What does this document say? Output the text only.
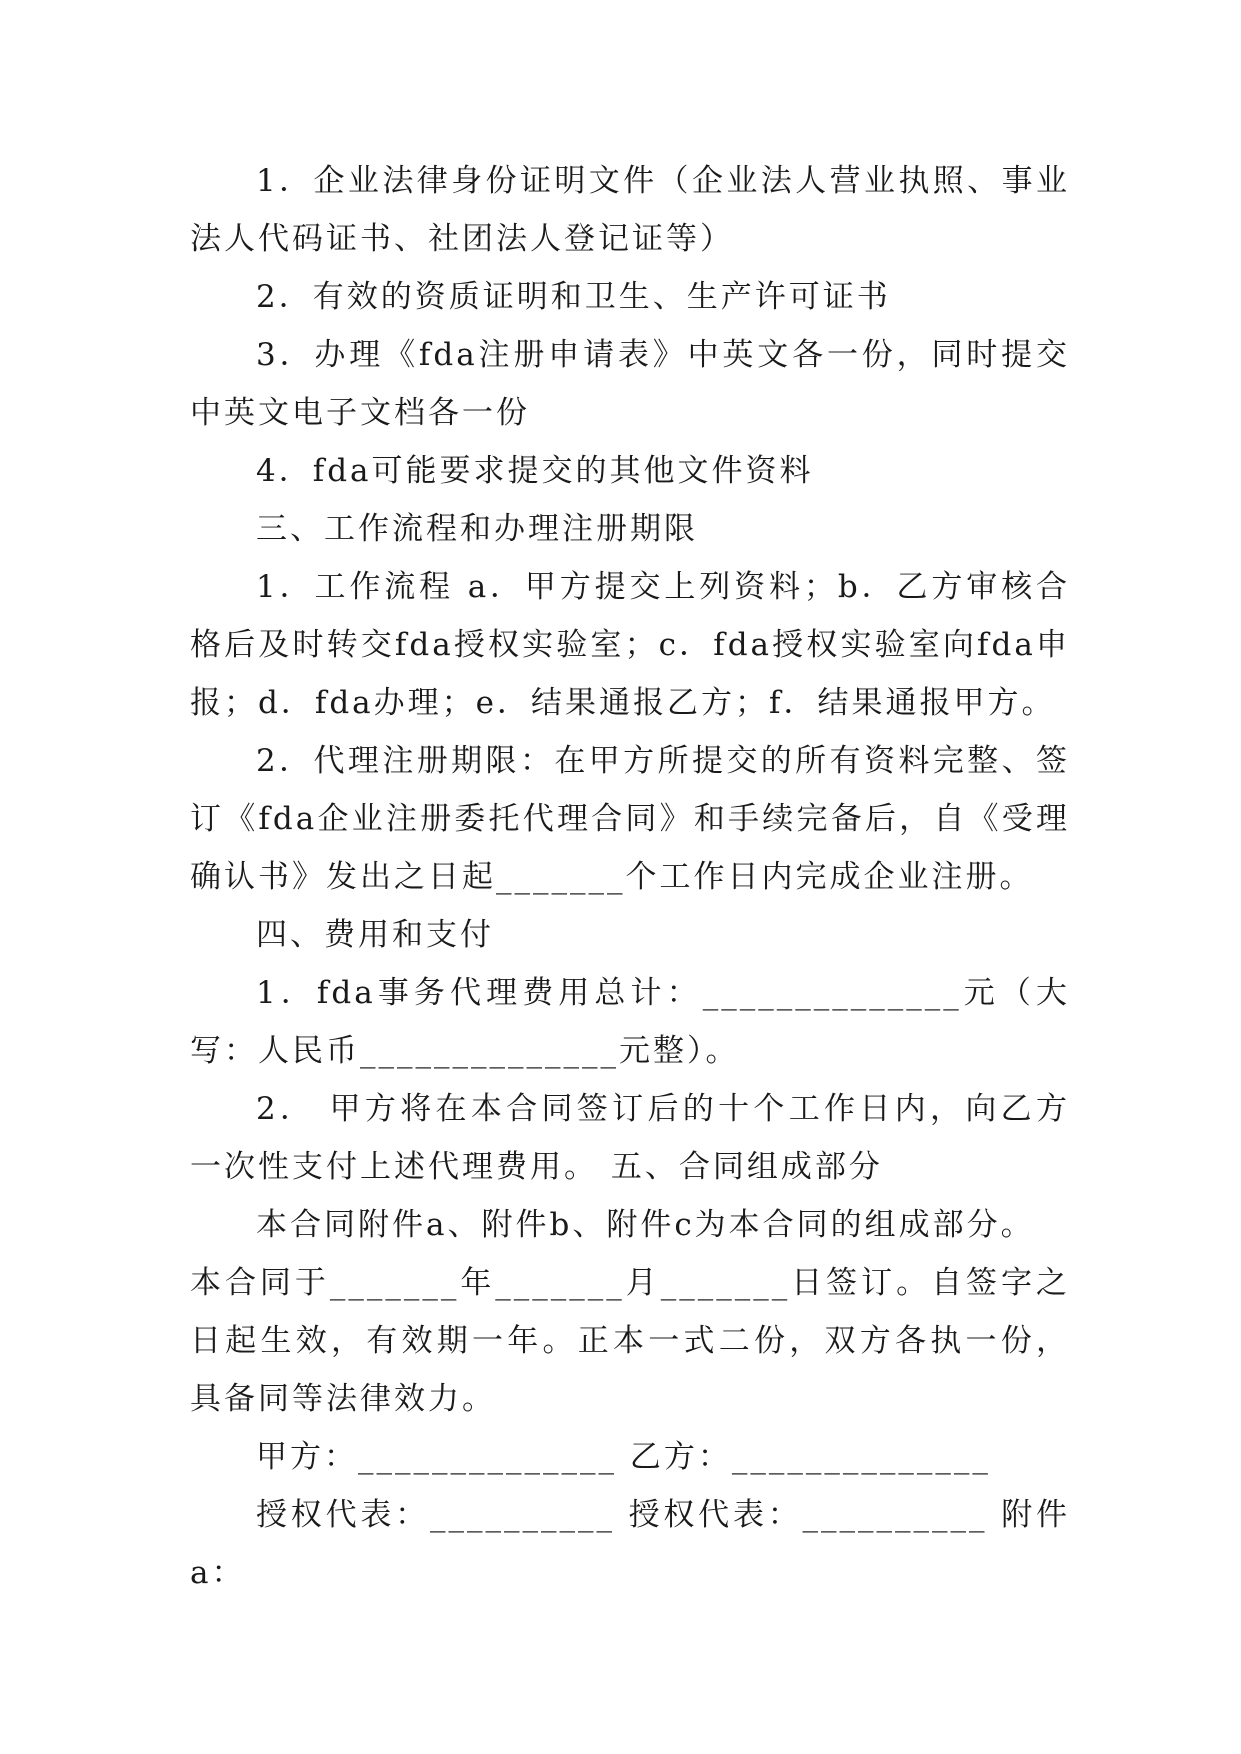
1．企业法律身份证明文件（企业法人营业执照、事业法人代码证书、社团法人登记证等）

2．有效的资质证明和卫生、生产许可证书

3．办理《fda注册申请表》中英文各一份，同时提交中英文电子文档各一份

4．fda可能要求提交的其他文件资料

三、工作流程和办理注册期限

1．工作流程 a．甲方提交上列资料；b．乙方审核合格后及时转交fda授权实验室；c．fda授权实验室向fda申报；d．fda办理；e．结果通报乙方；f．结果通报甲方。

2．代理注册期限：在甲方所提交的所有资料完整、签订《fda企业注册委托代理合同》和手续完备后，自《受理确认书》发出之日起_______个工作日内完成企业注册。

四、费用和支付

1．fda事务代理费用总计：______________元（大写：人民币______________元整）。

2． 甲方将在本合同签订后的十个工作日内，向乙方一次性支付上述代理费用。 五、合同组成部分

本合同附件a、附件b、附件c为本合同的组成部分。

本合同于_______年_______月_______日签订。自签字之日起生效，有效期一年。正本一式二份，双方各执一份，具备同等法律效力。

甲方：______________ 乙方：______________

授权代表：__________ 授权代表：__________ 附件a：
